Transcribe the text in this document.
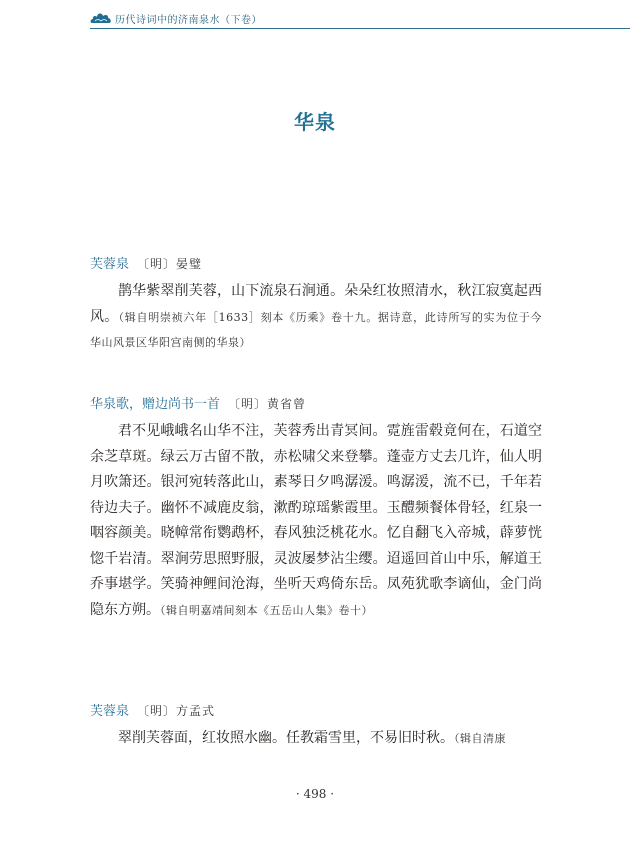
历代诗词中的济南泉水（下卷）
华泉
芙蓉泉 〔明〕晏璧

鹊华紫翠削芙蓉，山下流泉石涧通。朵朵红妆照清水，秋江寂寞起西风。（辑自明崇祯六年［1633］刻本《历乘》卷十九。据诗意，此诗所写的实为位于今华山风景区华阳宫南侧的华泉）

华泉歌，赠边尚书一首 〔明〕黄省曾

君不见峨峨名山华不注，芙蓉秀出青冥间。霓旌雷毂竟何在，石道空余芝草斑。绿云万古留不散，赤松啸父来登攀。蓬壶方丈去几许，仙人明月吹箫还。银河宛转落此山，素琴日夕鸣潺湲。鸣潺湲，流不已，千年若待边夫子。幽怀不减鹿皮翁，漱酌琼瑶紫霞里。玉醴频餐体骨轻，红泉一咽容颜美。晓幛常衔鹦鹉杯，春风独泛桃花水。忆自翻飞入帝城，薜萝恍惚千岩清。翠涧劳思照野服，灵波屡梦沾尘缨。迢遥回首山中乐，解道王乔事堪学。笑骑神鲤间沧海，坐听天鸡倚东岳。凤苑犹歌李谪仙，金门尚隐东方朔。（辑自明嘉靖间刻本《五岳山人集》卷十）

芙蓉泉 〔明〕方孟式

翠削芙蓉面，红妆照水幽。任教霜雪里，不易旧时秋。（辑自清康

· 498 ·
